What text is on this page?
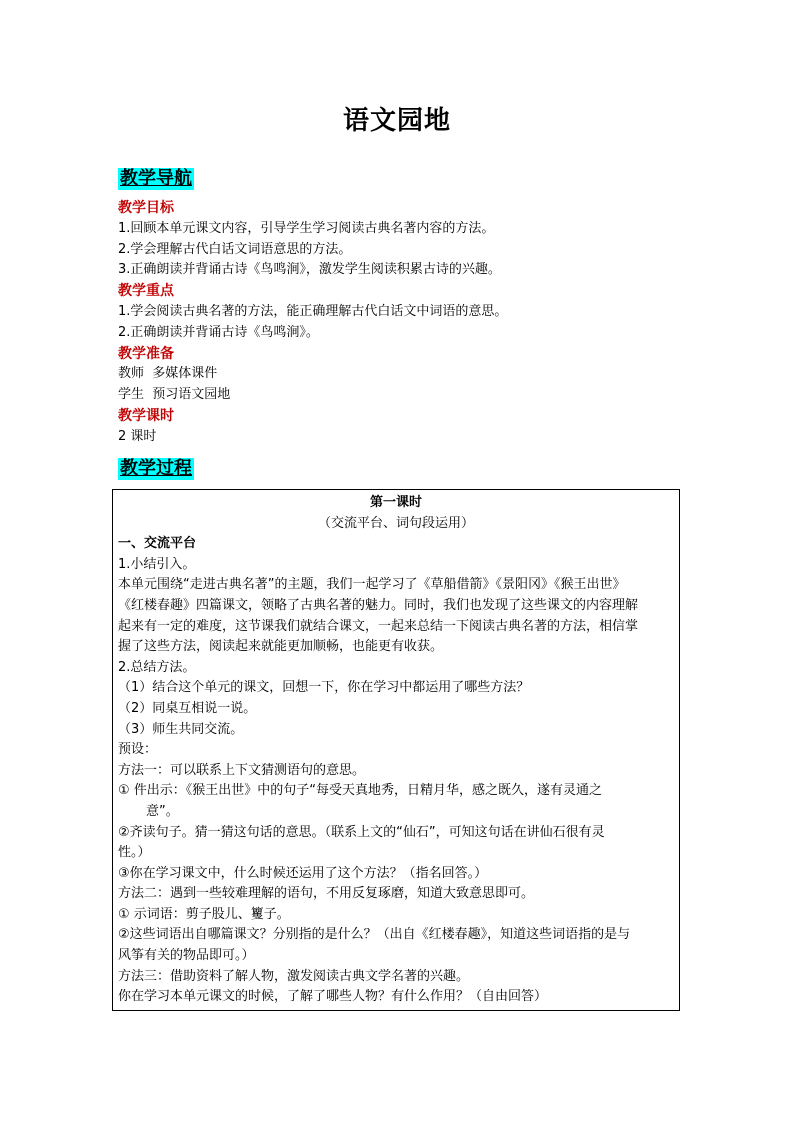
语文园地
教学导航
教学目标
1.回顾本单元课文内容，引导学生学习阅读古典名著内容的方法。
2.学会理解古代白话文词语意思的方法。
3.正确朗读并背诵古诗《鸟鸣涧》，激发学生阅读积累古诗的兴趣。
教学重点
1.学会阅读古典名著的方法，能正确理解古代白话文中词语的意思。
2.正确朗读并背诵古诗《鸟鸣涧》。
教学准备
教师  多媒体课件
学生  预习语文园地
教学课时
2 课时
教学过程
第一课时
（交流平台、词句段运用）
一、交流平台
1.小结引入。
本单元围绕“走进古典名著”的主题，我们一起学习了《草船借箭》《景阳冈》《猴王出世》
《红楼春趣》四篇课文，领略了古典名著的魅力。同时，我们也发现了这些课文的内容理解
起来有一定的难度，这节课我们就结合课文，一起来总结一下阅读古典名著的方法，相信掌
握了这些方法，阅读起来就能更加顺畅，也能更有收获。
2.总结方法。
（1）结合这个单元的课文，回想一下，你在学习中都运用了哪些方法？
（2）同桌互相说一说。
（3）师生共同交流。
预设：
方法一：可以联系上下文猜测语句的意思。
① 件出示：《猴王出世》中的句子“每受天真地秀，日精月华，感之既久，遂有灵通之
意”。
②齐读句子。猜一猜这句话的意思。（联系上文的“仙石”，可知这句话在讲仙石很有灵
性。）
③你在学习课文中，什么时候还运用了这个方法？（指名回答。）
方法二：遇到一些较难理解的语句，不用反复琢磨，知道大致意思即可。
① 示词语：剪子股儿、籰子。
②这些词语出自哪篇课文？分别指的是什么？（出自《红楼春趣》，知道这些词语指的是与
风筝有关的物品即可。）
方法三：借助资料了解人物，激发阅读古典文学名著的兴趣。
你在学习本单元课文的时候，了解了哪些人物？有什么作用？（自由回答）
